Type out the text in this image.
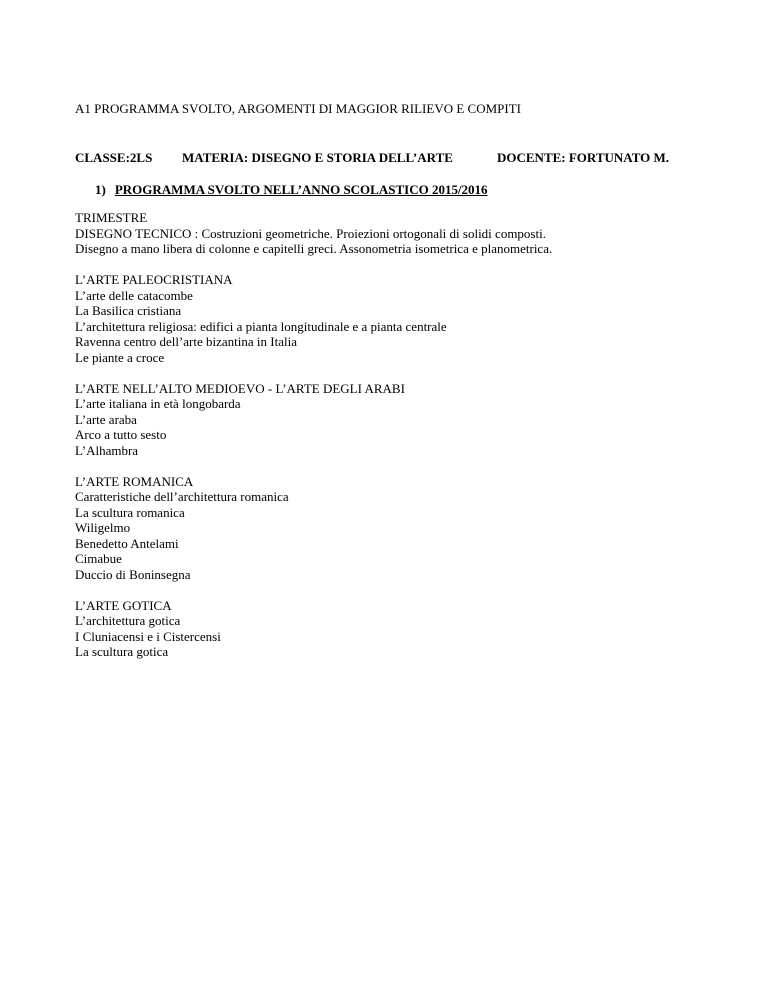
A1 PROGRAMMA SVOLTO, ARGOMENTI DI MAGGIOR RILIEVO E COMPITI
CLASSE:2LS MATERIA: DISEGNO E STORIA DELL’ARTE	DOCENTE: FORTUNATO M.
1) PROGRAMMA SVOLTO NELL’ANNO SCOLASTICO 2015/2016
TRIMESTRE
DISEGNO TECNICO : Costruzioni geometriche. Proiezioni ortogonali di solidi composti.
Disegno a mano libera di colonne e capitelli greci. Assonometria isometrica e planometrica.
L’ARTE PALEOCRISTIANA
L’arte delle catacombe
La Basilica cristiana
L’architettura religiosa: edifici a pianta longitudinale e a pianta centrale
Ravenna centro dell’arte bizantina in Italia
Le piante a croce
L’ARTE NELL’ALTO MEDIOEVO - L’ARTE DEGLI ARABI
L’arte italiana in età longobarda
L’arte araba
Arco a tutto sesto
L’Alhambra
L’ARTE ROMANICA
Caratteristiche dell’architettura romanica
La scultura romanica
Wiligelmo
Benedetto Antelami
Cimabue
Duccio di Boninsegna
L’ARTE GOTICA
L’architettura gotica
I Cluniacensi e i Cistercensi
La scultura gotica
